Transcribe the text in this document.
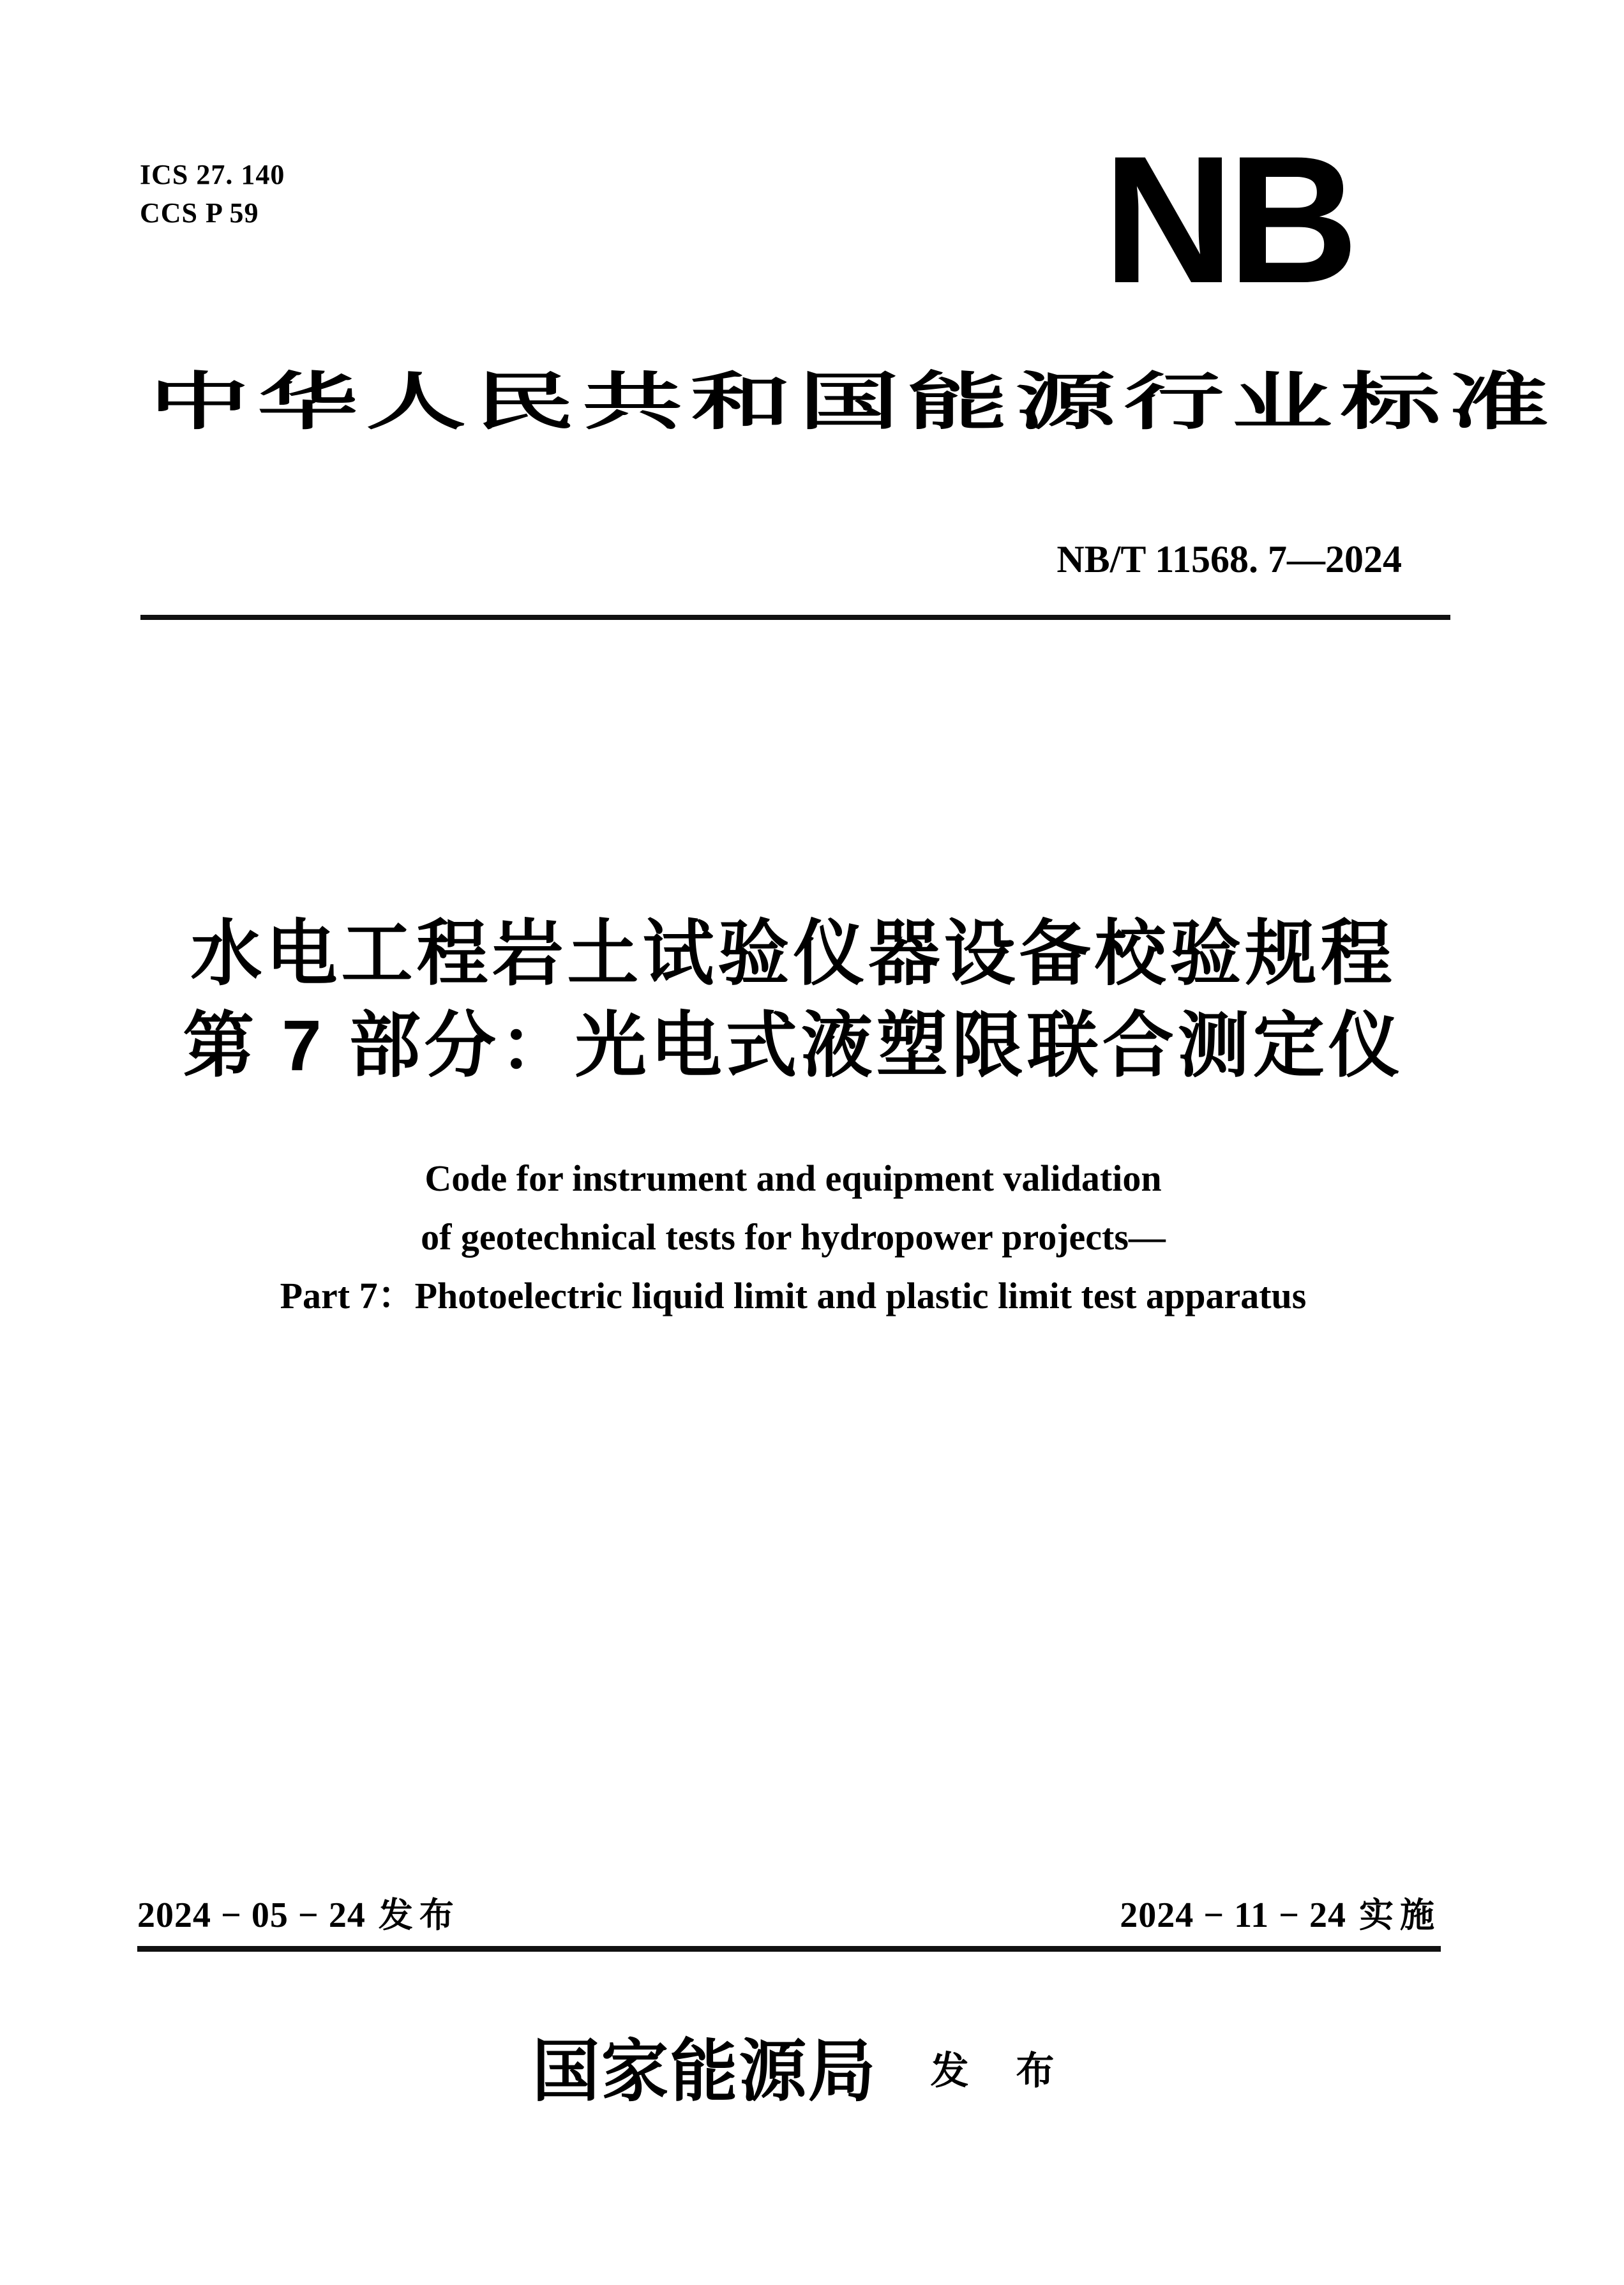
ICS 27. 140
CCS P 59	NB
中华人民共和国能源行业标准
NB/T 11568. 7—2024
水电工程岩土试验仪器设备校验规程
第 7 部分：光电式液塑限联合测定仪
Code for instrument and equipment validation
of geotechnical tests for hydropower projects—
Part 7：Photoelectric liquid limit and plastic limit test apparatus
2024 − 05 − 24 发布	2024 − 11 − 24 实施
国家能源局 发布
